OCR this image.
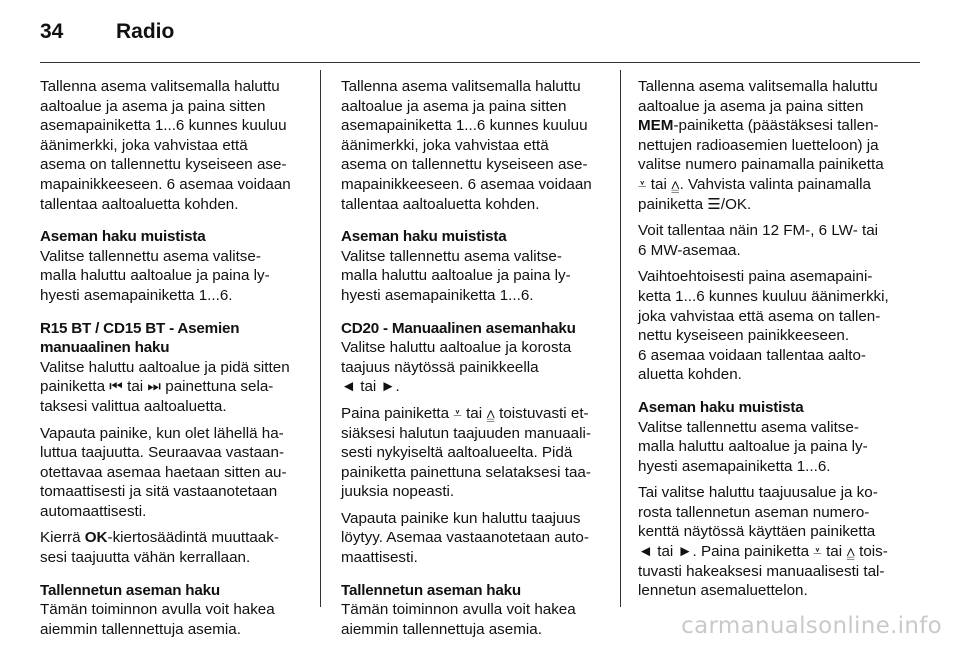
34	Radio

Tallenna asema valitsemalla haluttu
aaltoalue ja asema ja paina sitten
asemapainiketta 1...6 kunnes kuuluu
äänimerkki, joka vahvistaa että
asema on tallennettu kyseiseen ase-
mapainikkeeseen. 6 asemaa voidaan
tallentaa aaltoaluetta kohden.

Aseman haku muistista

Valitse tallennettu asema valitse-
malla haluttu aaltoalue ja paina ly-
hyesti asemapainiketta 1...6.

R15 BT / CD15 BT - Asemien
manuaalinen haku

Valitse haluttu aaltoalue ja pidä sitten
painiketta ⏮ tai ⏭ painettuna sela-
taksesi valittua aaltoaluetta.

Vapauta painike, kun olet lähellä ha-
luttua taajuutta. Seuraavaa vastaan-
otettavaa asemaa haetaan sitten au-
tomaattisesti ja sitä vastaanotetaan
automaattisesti.

Kierrä OK-kiertosäädintä muuttaak-
sesi taajuutta vähän kerrallaan.

Tallennetun aseman haku

Tämän toiminnon avulla voit hakea
aiemmin tallennettuja asemia.

Tallenna asema valitsemalla haluttu
aaltoalue ja asema ja paina sitten
asemapainiketta 1...6 kunnes kuuluu
äänimerkki, joka vahvistaa että
asema on tallennettu kyseiseen ase-
mapainikkeeseen. 6 asemaa voidaan
tallentaa aaltoaluetta kohden.

Aseman haku muistista

Valitse tallennettu asema valitse-
malla haluttu aaltoalue ja paina ly-
hyesti asemapainiketta 1...6.

CD20 - Manuaalinen asemanhaku

Valitse haluttu aaltoalue ja korosta
taajuus näytössä painikkeella
◄ tai ►.

Paina painiketta ⩡ tai ⩠ toistuvasti et-
siäksesi halutun taajuuden manuaali-
sesti nykyiseltä aaltoalueelta. Pidä
painiketta painettuna selataksesi taa-
juuksia nopeasti.

Vapauta painike kun haluttu taajuus
löytyy. Asemaa vastaanotetaan auto-
maattisesti.

Tallennetun aseman haku

Tämän toiminnon avulla voit hakea
aiemmin tallennettuja asemia.

Tallenna asema valitsemalla haluttu
aaltoalue ja asema ja paina sitten
MEM-painiketta (päästäksesi tallen-
nettujen radioasemien luetteloon) ja
valitse numero painamalla painiketta
⩡ tai ⩠. Vahvista valinta painamalla
painiketta ☰/OK.

Voit tallentaa näin 12 FM-, 6 LW- tai
6 MW-asemaa.

Vaihtoehtoisesti paina asemapaini-
ketta 1...6 kunnes kuuluu äänimerkki,
joka vahvistaa että asema on tallen-
nettu kyseiseen painikkeeseen.
6 asemaa voidaan tallentaa aalto-
aluetta kohden.

Aseman haku muistista

Valitse tallennettu asema valitse-
malla haluttu aaltoalue ja paina ly-
hyesti asemapainiketta 1...6.

Tai valitse haluttu taajuusalue ja ko-
rosta tallennetun aseman numero-
kenttä näytössä käyttäen painiketta
◄ tai ►. Paina painiketta ⩡ tai ⩠ tois-
tuvasti hakeaksesi manuaalisesti tal-
lennetun asemaluettelon.

carmanualsonline.info
